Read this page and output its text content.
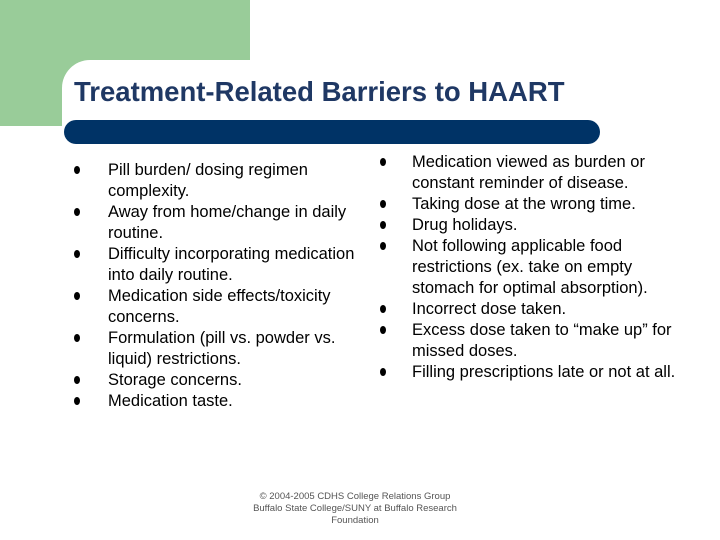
Treatment-Related Barriers to HAART
Pill burden/ dosing regimen complexity.
Away from home/change in daily routine.
Difficulty incorporating medication into daily routine.
Medication side effects/toxicity concerns.
Formulation (pill vs. powder vs. liquid) restrictions.
Storage concerns.
Medication taste.
Medication viewed as burden or constant reminder of disease.
Taking dose at the wrong time.
Drug holidays.
Not following applicable food restrictions (ex. take on empty stomach for optimal absorption).
Incorrect dose taken.
Excess dose taken to “make up” for missed doses.
Filling prescriptions late or not at all.
© 2004-2005 CDHS College Relations Group
Buffalo State College/SUNY at Buffalo Research
Foundation
